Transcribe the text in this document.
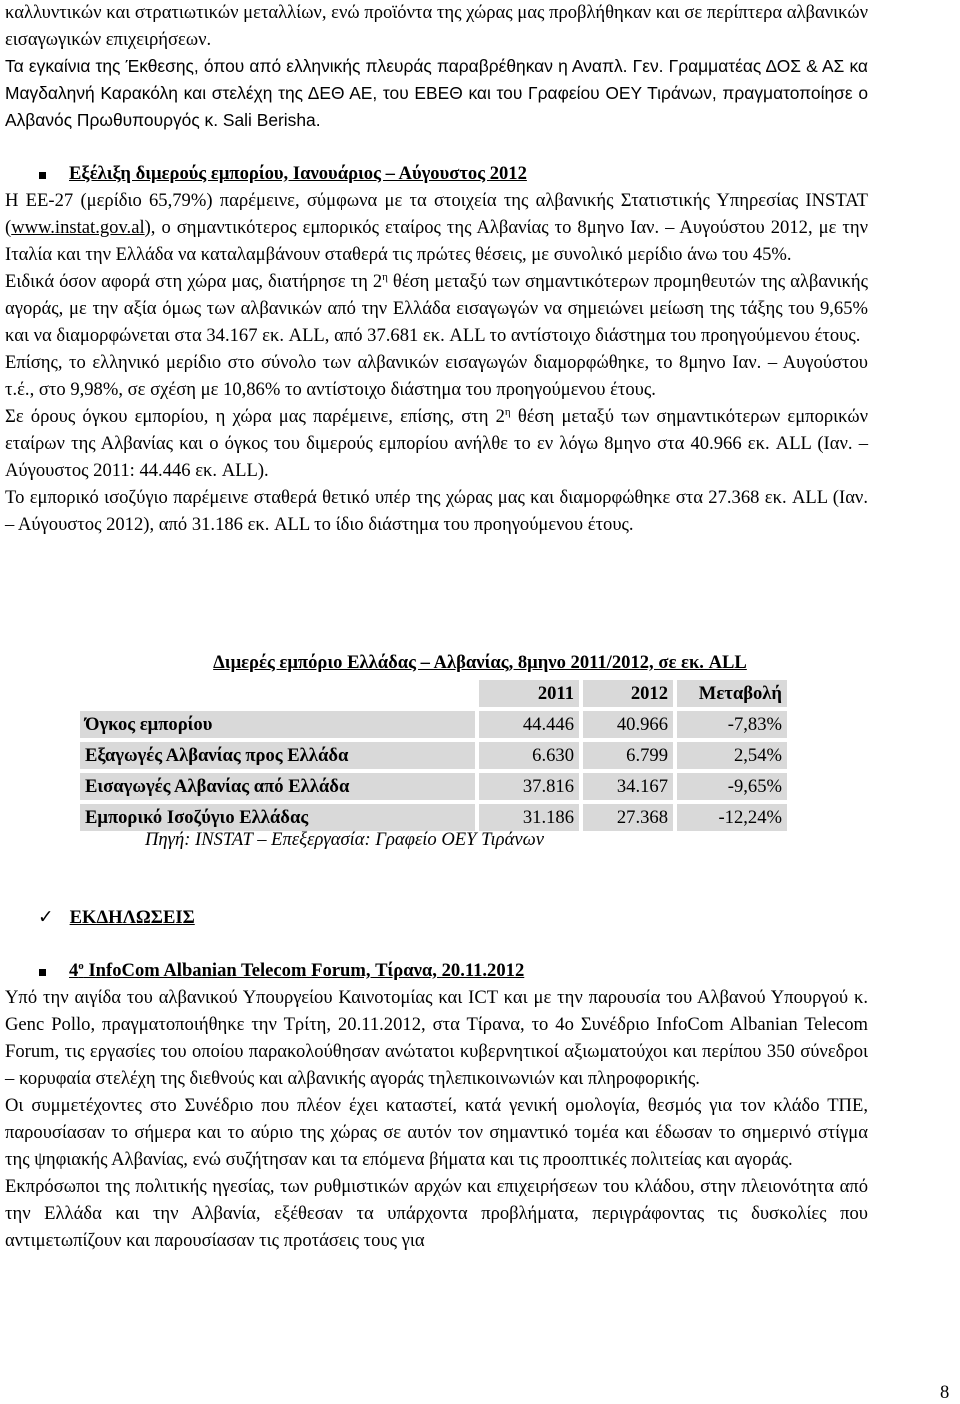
καλλυντικών και στρατιωτικών μεταλλίων, ενώ προϊόντα της χώρας μας προβλήθηκαν και σε περίπτερα αλβανικών εισαγωγικών επιχειρήσεων.

Τα εγκαίνια της Έκθεσης, όπου από ελληνικής πλευράς παραβρέθηκαν η Αναπλ. Γεν. Γραμματέας ΔΟΣ & ΑΣ κα Μαγδαληνή Καρακόλη και στελέχη της ΔΕΘ ΑΕ, του ΕΒΕΘ και του Γραφείου ΟΕΥ Τιράνων, πραγματοποίησε ο Αλβανός Πρωθυπουργός κ. Sali Berisha.

Εξέλιξη διμερούς εμπορίου, Ιανουάριος – Αύγουστος 2012

Η ΕΕ-27 (μερίδιο 65,79%) παρέμεινε, σύμφωνα με τα στοιχεία της αλβανικής Στατιστικής Υπηρεσίας INSTAT (www.instat.gov.al), ο σημαντικότερος εμπορικός εταίρος της Αλβανίας το 8μηνο Ιαν. – Αυγούστου 2012, με την Ιταλία και την Ελλάδα να καταλαμβάνουν σταθερά τις πρώτες θέσεις, με συνολικό μερίδιο άνω του 45%.

Ειδικά όσον αφορά στη χώρα μας, διατήρησε τη $2^\eta$ θέση μεταξύ των σημαντικότερων προμηθευτών της αλβανικής αγοράς, με την αξία όμως των αλβανικών από την Ελλάδα εισαγωγών να σημειώνει μείωση της τάξης του 9,65% και να διαμορφώνεται στα 34.167 εκ. ALL, από 37.681 εκ. ALL το αντίστοιχο διάστημα του προηγούμενου έτους.

Επίσης, το ελληνικό μερίδιο στο σύνολο των αλβανικών εισαγωγών διαμορφώθηκε, το 8μηνο Ιαν. – Αυγούστου τ.έ., στο 9,98%, σε σχέση με 10,86% το αντίστοιχο διάστημα του προηγούμενου έτους.

Σε όρους όγκου εμπορίου, η χώρα μας παρέμεινε, επίσης, στη $2^\eta$ θέση μεταξύ των σημαντικότερων εμπορικών εταίρων της Αλβανίας και ο όγκος του διμερούς εμπορίου ανήλθε το εν λόγω 8μηνο στα 40.966 εκ. ALL (Ιαν. – Αύγουστος 2011: 44.446 εκ. ALL).

Το εμπορικό ισοζύγιο παρέμεινε σταθερά θετικό υπέρ της χώρας μας και διαμορφώθηκε στα 27.368 εκ. ALL (Ιαν. – Αύγουστος 2012), από 31.186 εκ. ALL το ίδιο διάστημα του προηγούμενου έτους.

Διμερές εμπόριο Ελλάδας – Αλβανίας, 8μηνο 2011/2012, σε εκ. ALL
		2011		2012		Μεταβολή
Όγκος εμπορίου		44.446		40.966		-7,83%
Εξαγωγές Αλβανίας προς Ελλάδα		6.630		6.799		2,54%
Εισαγωγές Αλβανίας από Ελλάδα		37.816		34.167		-9,65%
Εμπορικό Ισοζύγιο Ελλάδας		31.186		27.368		-12,24%
Πηγή: INSTAT – Επεξεργασία: Γραφείο ΟΕΥ Τιράνων
✓ ΕΚΔΗΛΩΣΕΙΣ
$4^o$ InfoCom Albanian Telecom Forum, Τίρανα, 20.11.2012

Υπό την αιγίδα του αλβανικού Υπουργείου Καινοτομίας και ICT και με την παρουσία του Αλβανού Υπουργού κ. Genc Pollo, πραγματοποιήθηκε την Τρίτη, 20.11.2012, στα Τίρανα, το 4ο Συνέδριο InfoCom Albanian Telecom Forum, τις εργασίες του οποίου παρακολούθησαν ανώτατοι κυβερνητικοί αξιωματούχοι και περίπου 350 σύνεδροι – κορυφαία στελέχη της διεθνούς και αλβανικής αγοράς τηλεπικοινωνιών και πληροφορικής.

Οι συμμετέχοντες στο Συνέδριο που πλέον έχει καταστεί, κατά γενική ομολογία, θεσμός για τον κλάδο ΤΠΕ, παρουσίασαν το σήμερα και το αύριο της χώρας σε αυτόν τον σημαντικό τομέα και έδωσαν το σημερινό στίγμα της ψηφιακής Αλβανίας, ενώ συζήτησαν και τα επόμενα βήματα και τις προοπτικές πολιτείας και αγοράς.

Εκπρόσωποι της πολιτικής ηγεσίας, των ρυθμιστικών αρχών και επιχειρήσεων του κλάδου, στην πλειονότητα από την Ελλάδα και την Αλβανία, εξέθεσαν τα υπάρχοντα προβλήματα, περιγράφοντας τις δυσκολίες που αντιμετωπίζουν και παρουσίασαν τις προτάσεις τους για

8
